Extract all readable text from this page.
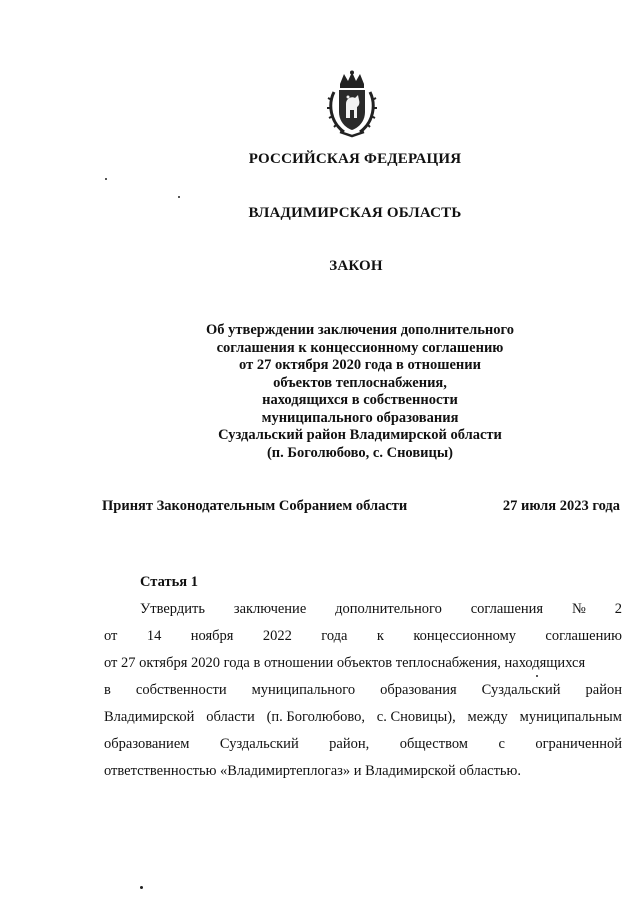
РОССИЙСКАЯ ФЕДЕРАЦИЯ
ВЛАДИМИРСКАЯ ОБЛАСТЬ
ЗАКОН
Об утверждении заключения дополнительного
соглашения к концессионному соглашению
от 27 октября 2020 года в отношении
объектов теплоснабжения,
находящихся в собственности
муниципального образования
Суздальский район Владимирской области
(п. Боголюбово, с. Сновицы)
Принят Законодательным Собранием области	27 июля 2023 года
Статья 1
Утвердить заключение дополнительного соглашения № 2
от 14 ноября 2022 года к концессионному соглашению
от 27 октября 2020 года в отношении объектов теплоснабжения, находящихся
в собственности муниципального образования Суздальский район
Владимирской области (п. Боголюбово, с. Сновицы), между муниципальным
образованием Суздальский район, обществом с ограниченной
ответственностью «Владимиртеплогаз» и Владимирской областью.
